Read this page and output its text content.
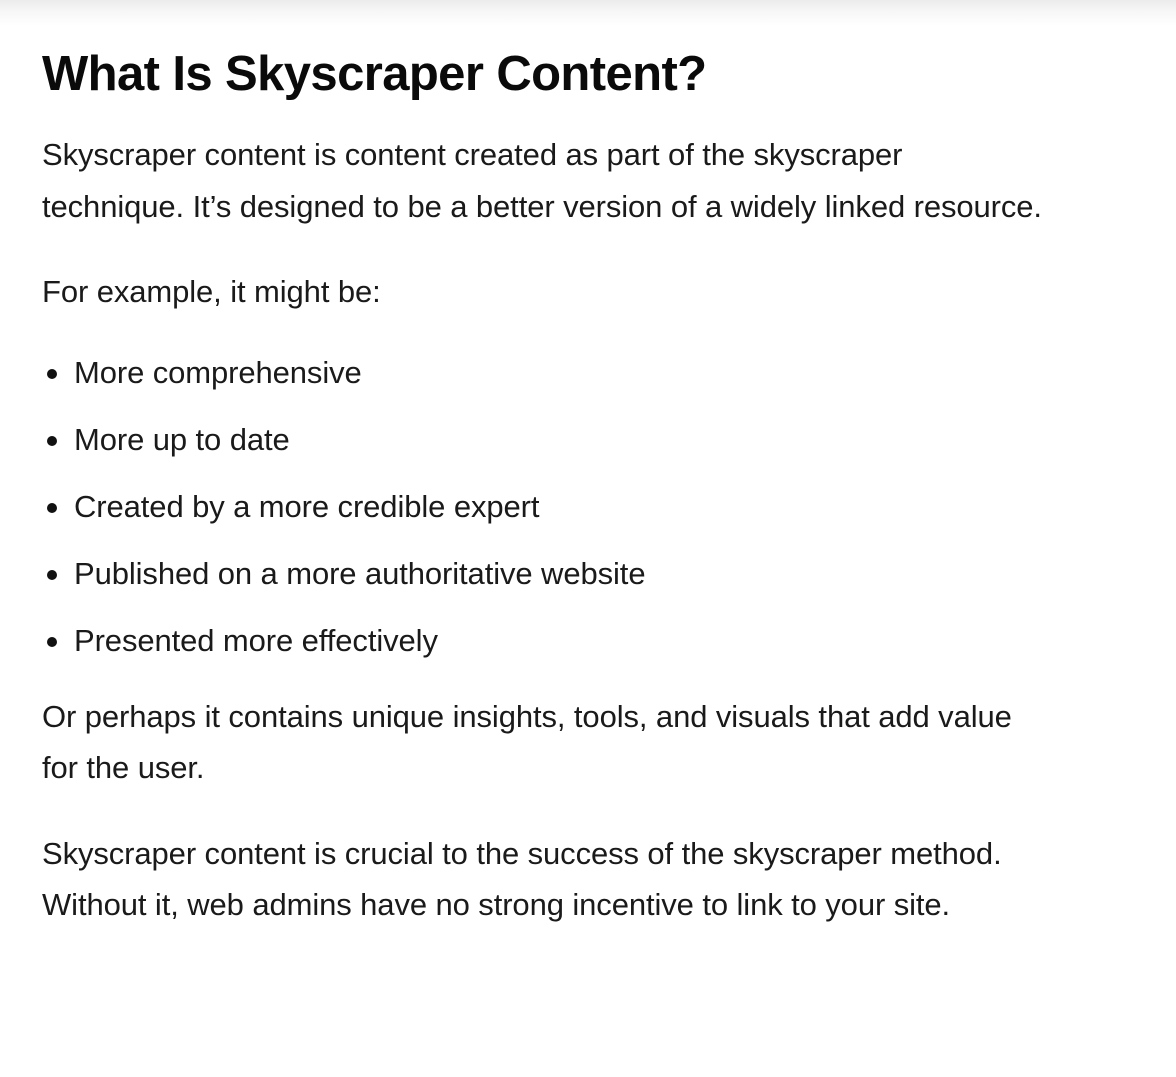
What Is Skyscraper Content?

Skyscraper content is content created as part of the skyscraper technique. It’s designed to be a better version of a widely linked resource.

For example, it might be:

More comprehensive
More up to date
Created by a more credible expert
Published on a more authoritative website
Presented more effectively

Or perhaps it contains unique insights, tools, and visuals that add value for the user.

Skyscraper content is crucial to the success of the skyscraper method. Without it, web admins have no strong incentive to link to your site.
